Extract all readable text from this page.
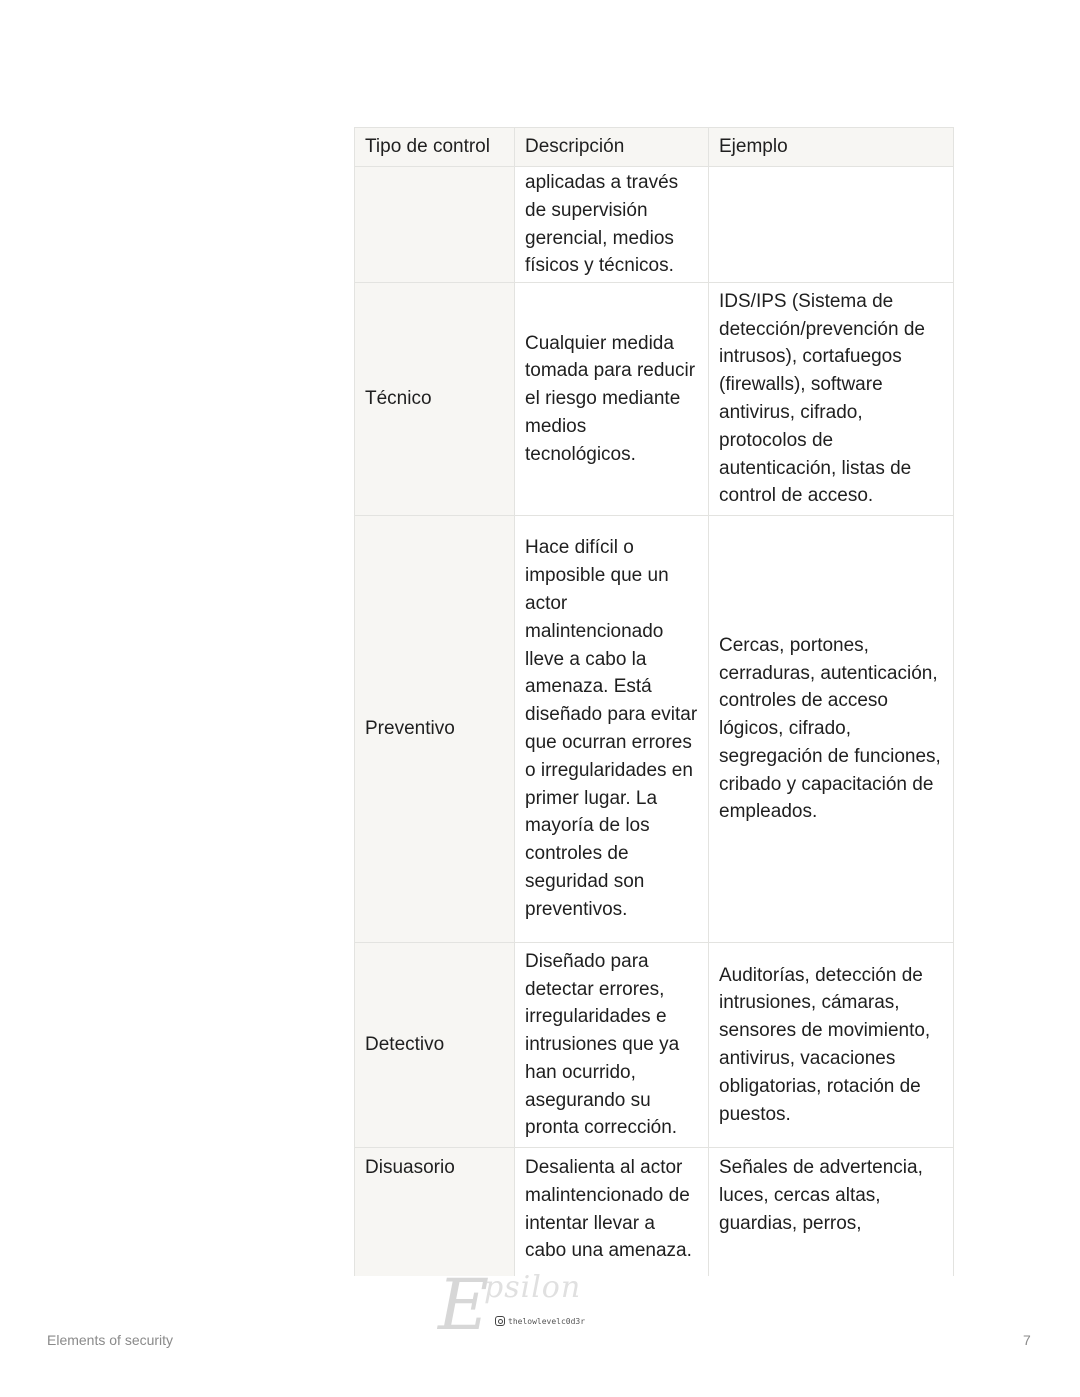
Tipo de control	Descripción	Ejemplo
	aplicadas a través de supervisión gerencial, medios físicos y técnicos.	
Técnico	Cualquier medida tomada para reducir el riesgo mediante medios tecnológicos.	IDS/IPS (Sistema de detección/prevención de intrusos), cortafuegos (firewalls), software antivirus, cifrado, protocolos de autenticación, listas de control de acceso.
Preventivo	Hace difícil o imposible que un actor malintencionado lleve a cabo la amenaza. Está diseñado para evitar que ocurran errores o irregularidades en primer lugar. La mayoría de los controles de seguridad son preventivos.	Cercas, portones, cerraduras, autenticación, controles de acceso lógicos, cifrado, segregación de funciones, cribado y capacitación de empleados.
Detectivo	Diseñado para detectar errores, irregularidades e intrusiones que ya han ocurrido, asegurando su pronta corrección.	Auditorías, detección de intrusiones, cámaras, sensores de movimiento, antivirus, vacaciones obligatorias, rotación de puestos.
Disuasorio	Desalienta al actor malintencionado de intentar llevar a cabo una amenaza.	Señales de advertencia, luces, cercas altas, guardias, perros,
E
psilon
thelowlevelc0d3r
Elements of security	7
